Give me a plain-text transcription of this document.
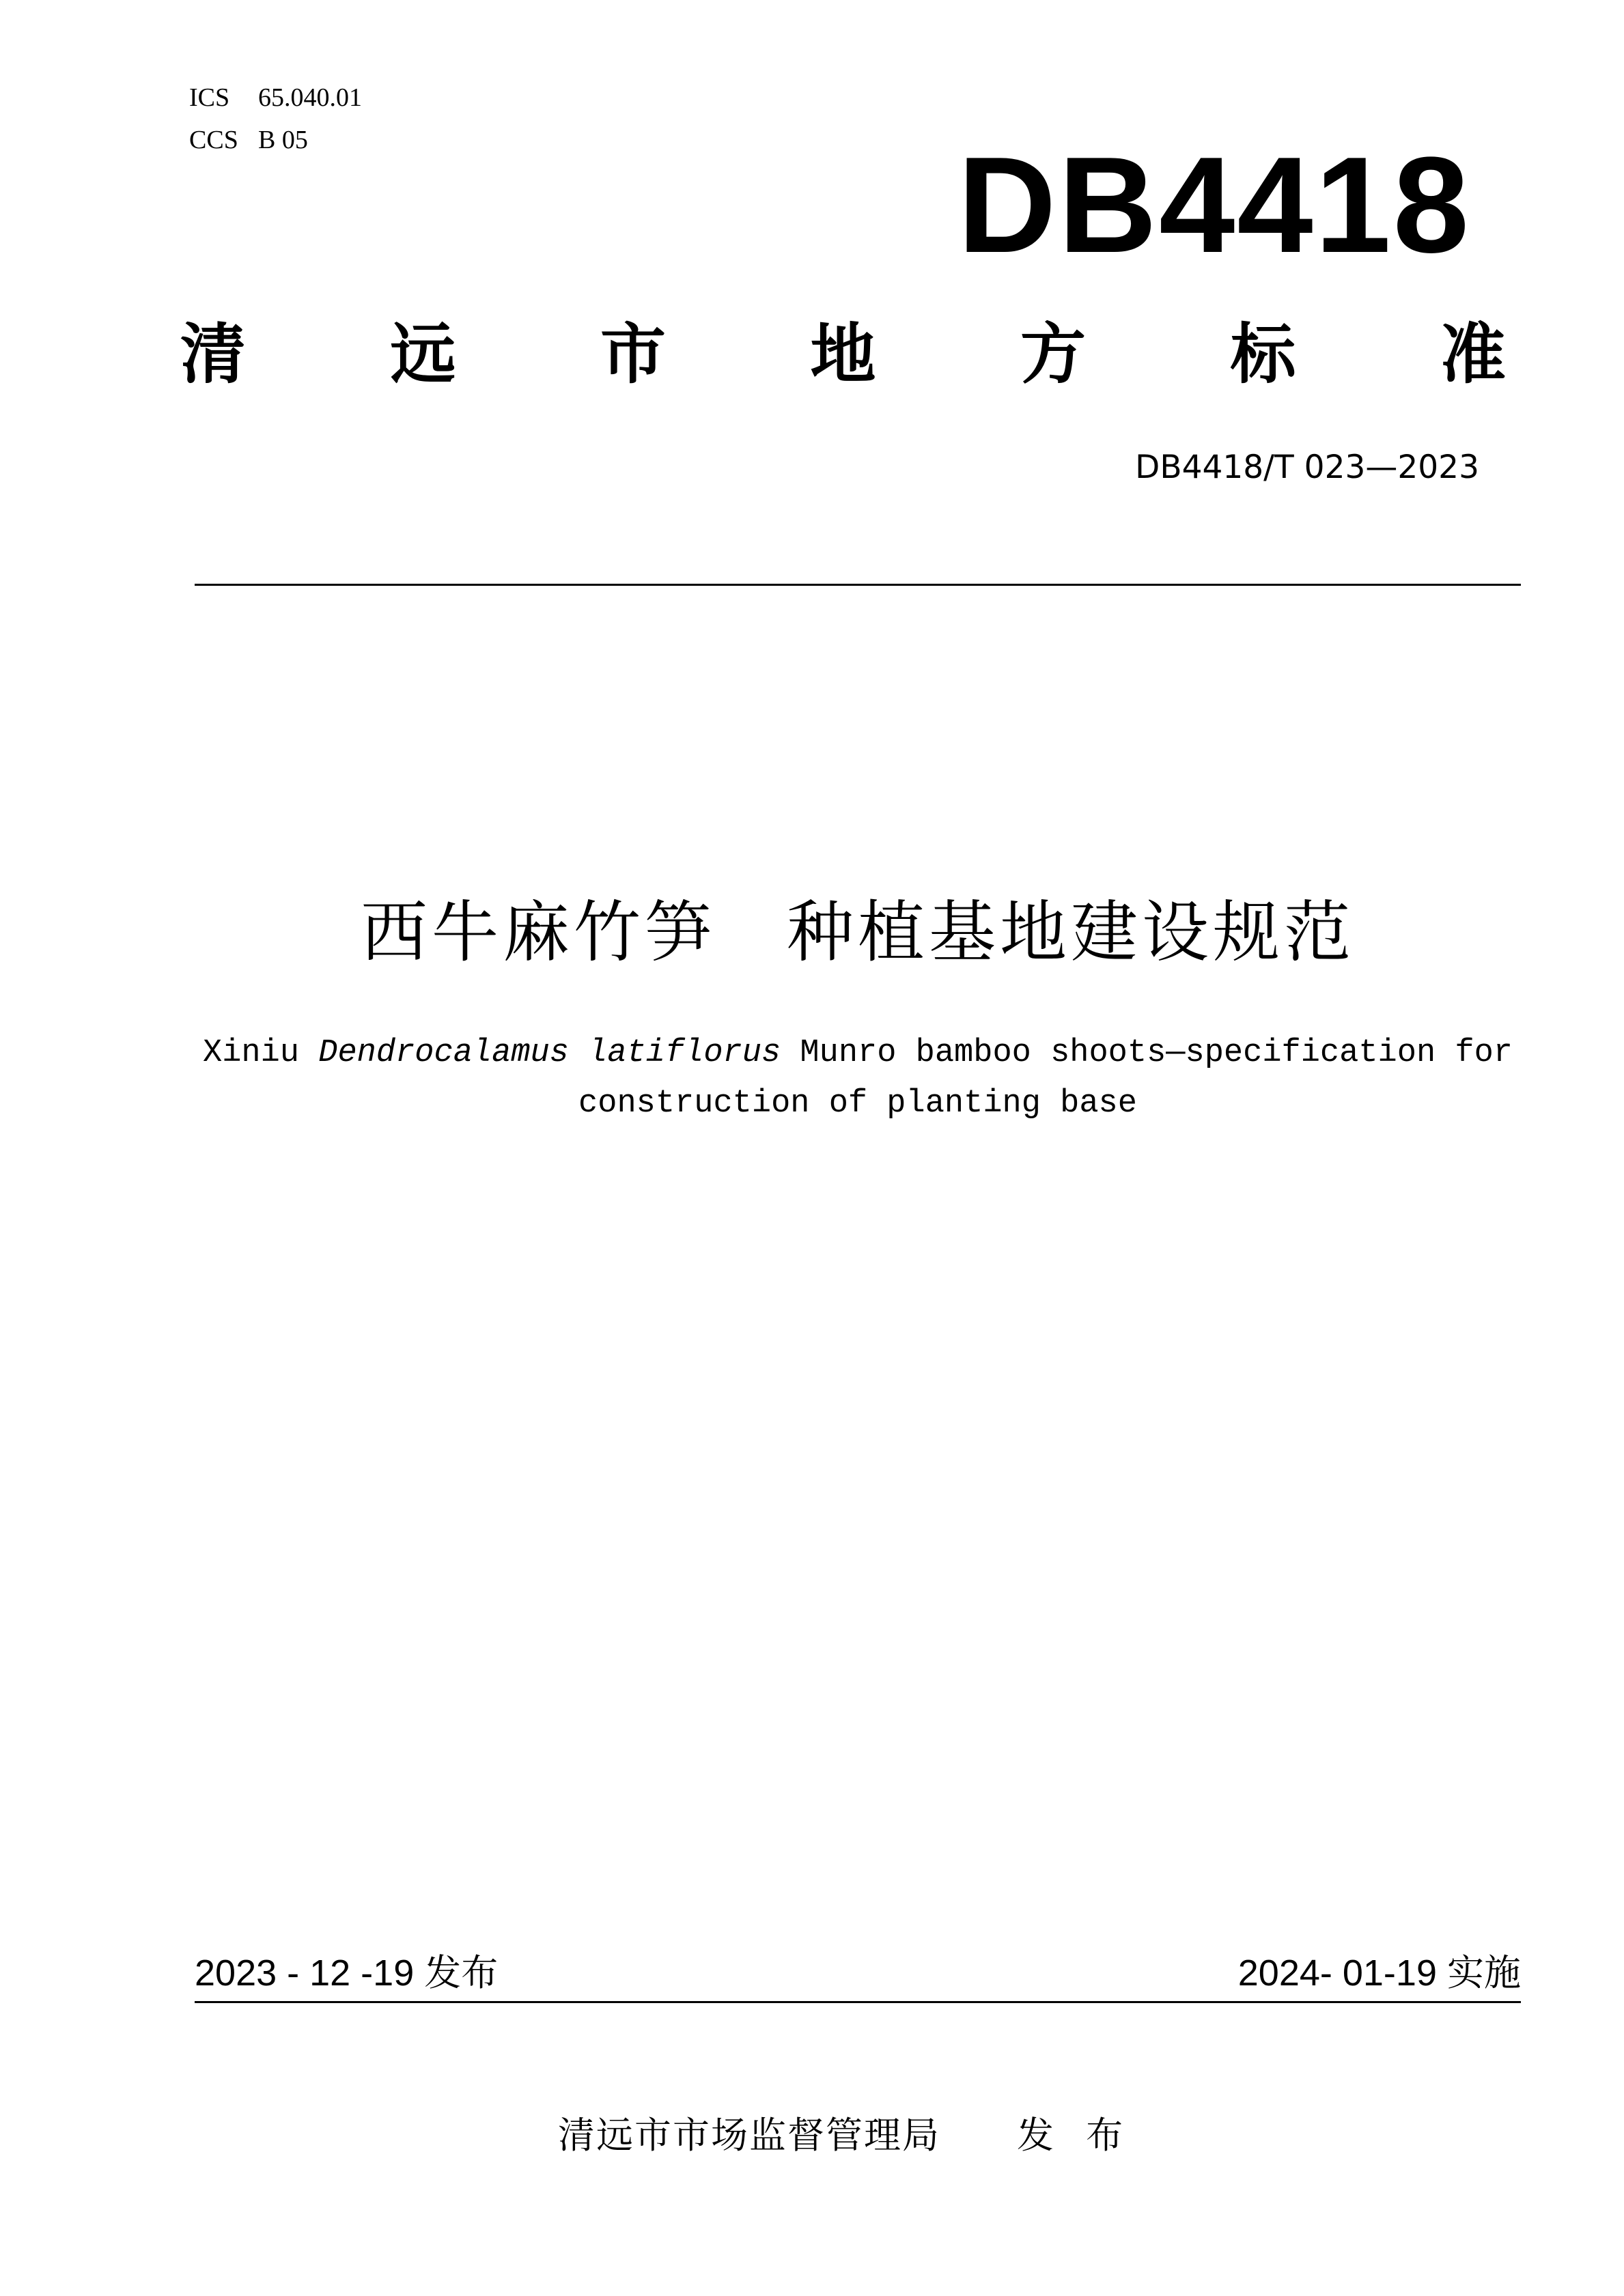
ICS 65.040.01
CCS B 05	DB4418
清 远 市 地 方 标 准
DB4418/T 023—2023
西牛麻竹笋　种植基地建设规范
Xiniu Dendrocalamus latiflorus Munro bamboo shoots—specification for
construction of planting base
2023 - 12 -19 发布	2024- 01-19 实施
清远市市场监督管理局 发 布
